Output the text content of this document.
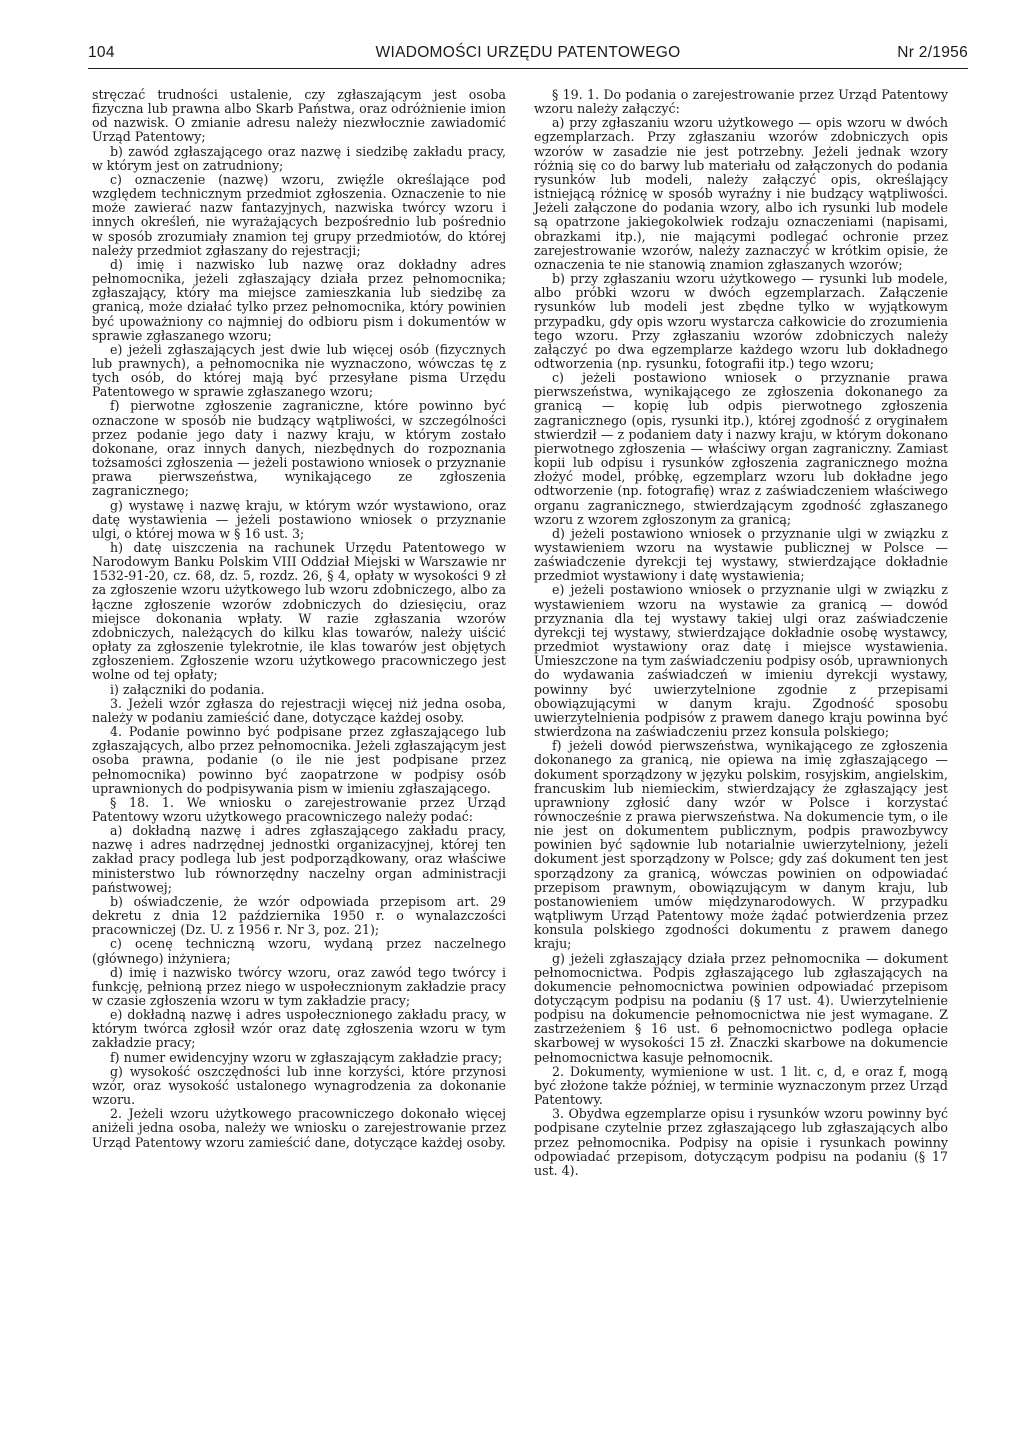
104	WIADOMOŚCI URZĘDU PATENTOWEGO	Nr 2/1956

stręczać trudności ustalenie, czy zgłaszającym jest osoba fizyczna lub prawna albo Skarb Państwa, oraz odróżnienie imion od nazwisk. O zmianie adresu należy niezwłocznie zawiadomić Urząd Patentowy;

b) zawód zgłaszającego oraz nazwę i siedzibę zakładu pracy, w którym jest on zatrudniony;

c) oznaczenie (nazwę) wzoru, zwięźle określające pod względem technicznym przedmiot zgłoszenia. Oznaczenie to nie może zawierać nazw fantazyjnych, nazwiska twórcy wzoru i innych określeń, nie wyrażających bezpośrednio lub pośrednio w sposób zrozumiały znamion tej grupy przedmiotów, do której należy przedmiot zgłaszany do rejestracji;

d) imię i nazwisko lub nazwę oraz dokładny adres pełnomocnika, jeżeli zgłaszający działa przez pełnomocnika; zgłaszający, który ma miejsce zamieszkania lub siedzibę za granicą, może działać tylko przez pełnomocnika, który powinien być upoważniony co najmniej do odbioru pism i dokumentów w sprawie zgłaszanego wzoru;

e) jeżeli zgłaszających jest dwie lub więcej osób (fizycznych lub prawnych), a pełnomocnika nie wyznaczono, wówczas tę z tych osób, do której mają być przesyłane pisma Urzędu Patentowego w sprawie zgłaszanego wzoru;

f) pierwotne zgłoszenie zagraniczne, które powinno być oznaczone w sposób nie budzący wątpliwości, w szczególności przez podanie jego daty i nazwy kraju, w którym zostało dokonane, oraz innych danych, niezbędnych do rozpoznania tożsamości zgłoszenia — jeżeli postawiono wniosek o przyznanie prawa pierwszeństwa, wynikającego ze zgłoszenia zagranicznego;

g) wystawę i nazwę kraju, w którym wzór wystawiono, oraz datę wystawienia — jeżeli postawiono wniosek o przyznanie ulgi, o której mowa w § 16 ust. 3;

h) datę uiszczenia na rachunek Urzędu Patentowego w Narodowym Banku Polskim VIII Oddział Miejski w Warszawie nr 1532-91-20, cz. 68, dz. 5, rozdz. 26, § 4, opłaty w wysokości 9 zł za zgłoszenie wzoru użytkowego lub wzoru zdobniczego, albo za łączne zgłoszenie wzorów zdobniczych do dziesięciu, oraz miejsce dokonania wpłaty. W razie zgłaszania wzorów zdobniczych, należących do kilku klas towarów, należy uiścić opłaty za zgłoszenie tylekrotnie, ile klas towarów jest objętych zgłoszeniem. Zgłoszenie wzoru użytkowego pracowniczego jest wolne od tej opłaty;

i) załączniki do podania.

3. Jeżeli wzór zgłasza do rejestracji więcej niż jedna osoba, należy w podaniu zamieścić dane, dotyczące każdej osoby.

4. Podanie powinno być podpisane przez zgłaszającego lub zgłaszających, albo przez pełnomocnika. Jeżeli zgłaszającym jest osoba prawna, podanie (o ile nie jest podpisane przez pełnomocnika) powinno być zaopatrzone w podpisy osób uprawnionych do podpisywania pism w imieniu zgłaszającego.

§ 18. 1. We wniosku o zarejestrowanie przez Urząd Patentowy wzoru użytkowego pracowniczego należy podać:

a) dokładną nazwę i adres zgłaszającego zakładu pracy, nazwę i adres nadrzędnej jednostki organizacyjnej, której ten zakład pracy podlega lub jest podporządkowany, oraz właściwe ministerstwo lub równorzędny naczelny organ administracji państwowej;

b) oświadczenie, że wzór odpowiada przepisom art. 29 dekretu z dnia 12 października 1950 r. o wynalazczości pracowniczej (Dz. U. z 1956 r. Nr 3, poz. 21);

c) ocenę techniczną wzoru, wydaną przez naczelnego (głównego) inżyniera;

d) imię i nazwisko twórcy wzoru, oraz zawód tego twórcy i funkcję, pełnioną przez niego w uspołecznionym zakładzie pracy w czasie zgłoszenia wzoru w tym zakładzie pracy;

e) dokładną nazwę i adres uspołecznionego zakładu pracy, w którym twórca zgłosił wzór oraz datę zgłoszenia wzoru w tym zakładzie pracy;

f) numer ewidencyjny wzoru w zgłaszającym zakładzie pracy;

g) wysokość oszczędności lub inne korzyści, które przynosi wzór, oraz wysokość ustalonego wynagrodzenia za dokonanie wzoru.

2. Jeżeli wzoru użytkowego pracowniczego dokonało więcej aniżeli jedna osoba, należy we wniosku o zarejestrowanie przez Urząd Patentowy wzoru zamieścić dane, dotyczące każdej osoby.

§ 19. 1. Do podania o zarejestrowanie przez Urząd Patentowy wzoru należy załączyć:

a) przy zgłaszaniu wzoru użytkowego — opis wzoru w dwóch egzemplarzach. Przy zgłaszaniu wzorów zdobniczych opis wzorów w zasadzie nie jest potrzebny. Jeżeli jednak wzory różnią się co do barwy lub materiału od załączonych do podania rysunków lub modeli, należy załączyć opis, określający istniejącą różnicę w sposób wyraźny i nie budzący wątpliwości. Jeżeli załączone do podania wzory, albo ich rysunki lub modele są opatrzone jakiegokolwiek rodzaju oznaczeniami (napisami, obrazkami itp.), nie mającymi podlegać ochronie przez zarejestrowanie wzorów, należy zaznaczyć w krótkim opisie, że oznaczenia te nie stanowią znamion zgłaszanych wzorów;

b) przy zgłaszaniu wzoru użytkowego — rysunki lub modele, albo próbki wzoru w dwóch egzemplarzach. Załączenie rysunków lub modeli jest zbędne tylko w wyjątkowym przypadku, gdy opis wzoru wystarcza całkowicie do zrozumienia tego wzoru. Przy zgłaszaniu wzorów zdobniczych należy załączyć po dwa egzemplarze każdego wzoru lub dokładnego odtworzenia (np. rysunku, fotografii itp.) tego wzoru;

c) jeżeli postawiono wniosek o przyznanie prawa pierwszeństwa, wynikającego ze zgłoszenia dokonanego za granicą — kopię lub odpis pierwotnego zgłoszenia zagranicznego (opis, rysunki itp.), której zgodność z oryginałem stwierdził — z podaniem daty i nazwy kraju, w którym dokonano pierwotnego zgłoszenia — właściwy organ zagraniczny. Zamiast kopii lub odpisu i rysunków zgłoszenia zagranicznego można złożyć model, próbkę, egzemplarz wzoru lub dokładne jego odtworzenie (np. fotografię) wraz z zaświadczeniem właściwego organu zagranicznego, stwierdzającym zgodność zgłaszanego wzoru z wzorem zgłoszonym za granicą;

d) jeżeli postawiono wniosek o przyznanie ulgi w związku z wystawieniem wzoru na wystawie publicznej w Polsce — zaświadczenie dyrekcji tej wystawy, stwierdzające dokładnie przedmiot wystawiony i datę wystawienia;

e) jeżeli postawiono wniosek o przyznanie ulgi w związku z wystawieniem wzoru na wystawie za granicą — dowód przyznania dla tej wystawy takiej ulgi oraz zaświadczenie dyrekcji tej wystawy, stwierdzające dokładnie osobę wystawcy, przedmiot wystawiony oraz datę i miejsce wystawienia. Umieszczone na tym zaświadczeniu podpisy osób, uprawnionych do wydawania zaświadczeń w imieniu dyrekcji wystawy, powinny być uwierzytelnione zgodnie z przepisami obowiązującymi w danym kraju. Zgodność sposobu uwierzytelnienia podpisów z prawem danego kraju powinna być stwierdzona na zaświadczeniu przez konsula polskiego;

f) jeżeli dowód pierwszeństwa, wynikającego ze zgłoszenia dokonanego za granicą, nie opiewa na imię zgłaszającego — dokument sporządzony w języku polskim, rosyjskim, angielskim, francuskim lub niemieckim, stwierdzający że zgłaszający jest uprawniony zgłosić dany wzór w Polsce i korzystać równocześnie z prawa pierwszeństwa. Na dokumencie tym, o ile nie jest on dokumentem publicznym, podpis prawozbywcy powinien być sądownie lub notarialnie uwierzytelniony, jeżeli dokument jest sporządzony w Polsce; gdy zaś dokument ten jest sporządzony za granicą, wówczas powinien on odpowiadać przepisom prawnym, obowiązującym w danym kraju, lub postanowieniem umów międzynarodowych. W przypadku wątpliwym Urząd Patentowy może żądać potwierdzenia przez konsula polskiego zgodności dokumentu z prawem danego kraju;

g) jeżeli zgłaszający działa przez pełnomocnika — dokument pełnomocnictwa. Podpis zgłaszającego lub zgłaszających na dokumencie pełnomocnictwa powinien odpowiadać przepisom dotyczącym podpisu na podaniu (§ 17 ust. 4). Uwierzytelnienie podpisu na dokumencie pełnomocnictwa nie jest wymagane. Z zastrzeżeniem § 16 ust. 6 pełnomocnictwo podlega opłacie skarbowej w wysokości 15 zł. Znaczki skarbowe na dokumencie pełnomocnictwa kasuje pełnomocnik.

2. Dokumenty, wymienione w ust. 1 lit. c, d, e oraz f, mogą być złożone także później, w terminie wyznaczonym przez Urząd Patentowy.

3. Obydwa egzemplarze opisu i rysunków wzoru powinny być podpisane czytelnie przez zgłaszającego lub zgłaszających albo przez pełnomocnika. Podpisy na opisie i rysunkach powinny odpowiadać przepisom, dotyczącym podpisu na podaniu (§ 17 ust. 4).
